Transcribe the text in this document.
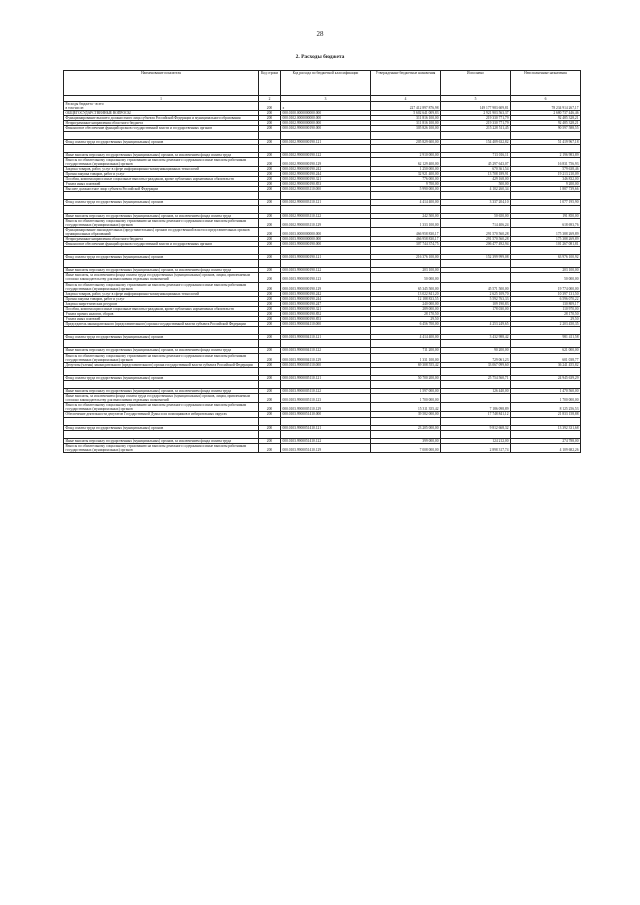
28
2. Расходы бюджета
Наименование показателя	Код строки	Код расхода по бюджетной классификации	Утвержденные бюджетные назначения	Исполнено	Неисполненные назначения
1	2	3	4	5	6
Расходы бюджета - всего
в том числе:	200	x	227 412 897 876,98	149 177 983 609,81	78 234 914 267,17
ОБЩЕГОСУДАРСТВЕННЫЕ ВОПРОСЫ	200	000.0100.0000000000.000	5 602 641 009,83	2 921 903 563,37	2 680 737 446,46
Функционирование высшего должностного лица субъекта Российской Федерации и муниципального образования	200	000.0102.0000000000.000	311 816 100,00	219 330 771,79	92 485 328,21
Непрограммные направления областного бюджета	200	000.0102.9900000000.000	311 816 100,00	219 330 771,79	92 485 328,21
Финансовое обеспечение функций органов государственной власти и государственных органов	200	000.0102.9900000190.000	305 826 100,00	215 228 511,45	90 597 588,55

Фонд оплаты труда государственных (муниципальных) органов	200	000.0102.9900000190.121	205 829 600,00	154 409 632,82	51 419 967,18

Иные выплаты персоналу государственных (муниципальных) органов, за исключением фонда оплаты труда	200	000.0102.9900000190.122	2 910 000,00	713 016,11	2 196 983,89
Взносы по обязательному социальному страхованию на выплаты денежного содержания и иные выплаты работникам государственных (муниципальных) органов	200	000.0102.9900000190.129	62 129 400,00	45 297 643,07	16 831 756,93
Закупка товаров, работ, услуг в сфере информационно-коммуникационных технологий	200	000.0102.9900000190.242	1 250 000,00	670 361,54	579 638,46
Прочая закупка товаров, работ и услуг	200	000.0102.9900000190.244	32 921 400,00	13 708 189,91	19 213 210,09
Пособия, компенсации и иные социальные выплаты гражданам, кроме публичных нормативных обязательств	200	000.0102.9900000190.321	776 000,00	429 168,00	346 832,00
Уплата иных платежей	200	000.0102.9900000190.853	9 700,00	500,00	9 200,00
Высшее должностное лицо субъекта Российской Федерации	200	000.0102.9900003110.000	5 990 000,00	4 102 260,34	1 887 739,66

Фонд оплаты труда государственных (муниципальных) органов	200	000.0102.9900003110.121	4 414 400,00	3 337 204,10	1 077 195,90

Иные выплаты персоналу государственных (муниципальных) органов, за исключением фонда оплаты труда	200	000.0102.9900003110.122	242 500,00	50 650,00	191 850,00
Взносы по обязательному социальному страхованию на выплаты денежного содержания и иные выплаты работникам государственных (муниципальных) органов	200	000.0102.9900003110.129	1 333 100,00	714 406,24	618 693,76
Функционирование законодательных (представительных) органов государственной власти и представительных органов муниципальных образований	200	000.0103.0000000000.000	466 958 830,17	291 570 560,28	175 388 269,89
Непрограммные направления областного бюджета	200	000.0103.9900000000.000	466 958 830,17	291 570 560,28	175 388 269,89
Финансовое обеспечение функций органов государственной власти и государственных органов	200	000.0103.9900000190.000	307 744 374,75	206 477 492,94	101 267 081,81

Фонд оплаты труда государственных (муниципальных) органов	200	000.0103.9900000190.121	216 376 100,00	152 399 999,08	63 976 100,92

Иные выплаты персоналу государственных (муниципальных) органов, за исключением фонда оплаты труда	200	000.0103.9900000190.122	203 100,00		203 100,00
Иные выплаты, за исключением фонда оплаты труда государственных (муниципальных) органов, лицам, привлекаемым согласно законодательству для выполнения отдельных полномочий	200	000.0103.9900000190.123	50 000,00		50 000,00
Взносы по обязательному социальному страхованию на выплаты денежного содержания и иные выплаты работникам государственных (муниципальных) органов	200	000.0103.9900000190.129	65 345 500,00	45 571 500,00	19 774 000,00
Закупка товаров, работ, услуг в сфере информационно-коммуникационных технологий	200	000.0103.9900000190.242	13 022 841,20	2 625 109,70	10 397 131,50
Прочая закупка товаров, работ и услуг	200	000.0103.9900000190.244	12 188 833,55	5 592 763,33	6 596 070,22
Закупка энергетических ресурсов	200	000.0103.9900000190.247	240 000,00	109 190,83	130 809,17
Пособия, компенсации и иные социальные выплаты гражданам, кроме публичных нормативных обязательств	200	000.0103.9900000190.321	289 000,00	178 030,00	110 970,00
Уплата прочих налогов, сборов	200	000.0103.9900000190.852	28 170,50		28 170,50
Уплата иных платежей	200	000.0103.9900000190.853	29,50		29,50
Председатель законодательного (представительного) органа государственной власти субъекта Российской Федерации	200	000.0103.9900004110.000	6 456 700,00	4 253 249,65	2 203 450,35

Фонд оплаты труда государственных (муниципальных) органов	200	000.0103.9900004110.121	4 414 400,00	3 432 988,42	981 411,58

Иные выплаты персоналу государственных (муниципальных) органов, за исключением фонда оплаты труда	200	000.0103.9900004110.122	711 200,00	90 200,00	621 000,00
Взносы по обязательному социальному страхованию на выплаты денежного содержания и иные выплаты работникам государственных (муниципальных) органов	200	000.0103.9900004110.129	1 331 100,00	729 061,23	601 038,77
Депутаты (члены) законодательного (представительного) органа государственной власти субъекта Российской Федерации	200	000.0103.9900005110.000	69 308 555,42	33 067 099,60	36 241 455,82

Фонд оплаты труда государственных (муниципальных) органов	200	000.0103.9900005110.121	50 700 200,00	25 754 560,71	24 945 639,29

Иные выплаты персоналу государственных (муниципальных) органов, за исключением фонда оплаты труда	200	000.0103.9900005110.122	1 597 000,00	126 440,00	1 470 560,00
Иные выплаты, за исключением фонда оплаты труда государственных (муниципальных) органов, лицам, привлекаемым согласно законодательству для выполнения отдельных полномочий	200	000.0103.9900005110.123	1 700 000,00		1 700 000,00
Взносы по обязательному социальному страхованию на выплаты денежного содержания и иные выплаты работникам государственных (муниципальных) органов	200	000.0103.9900005110.129	15 311 355,42	7 186 098,89	8 125 256,53
Обеспечение деятельности депутатов Государственной Думы и их помощников в избирательных округах	200	000.0103.9900051410.000	39 582 000,00	17 748 841,12	21 833 158,88

Фонд оплаты труда государственных (муниципальных) органов	200	000.0103.9900051410.121	23 205 000,00	9 812 668,32	13 392 331,68

Иные выплаты персоналу государственных (муниципальных) органов, за исключением фонда оплаты труда	200	000.0103.9900051410.122	399 000,00	124 212,00	274 788,00
Взносы по обязательному социальному страхованию на выплаты денежного содержания и иные выплаты работникам государственных (муниципальных) органов	200	000.0103.9900051410.129	7 008 000,00	2 898 317,74	4 109 682,26
